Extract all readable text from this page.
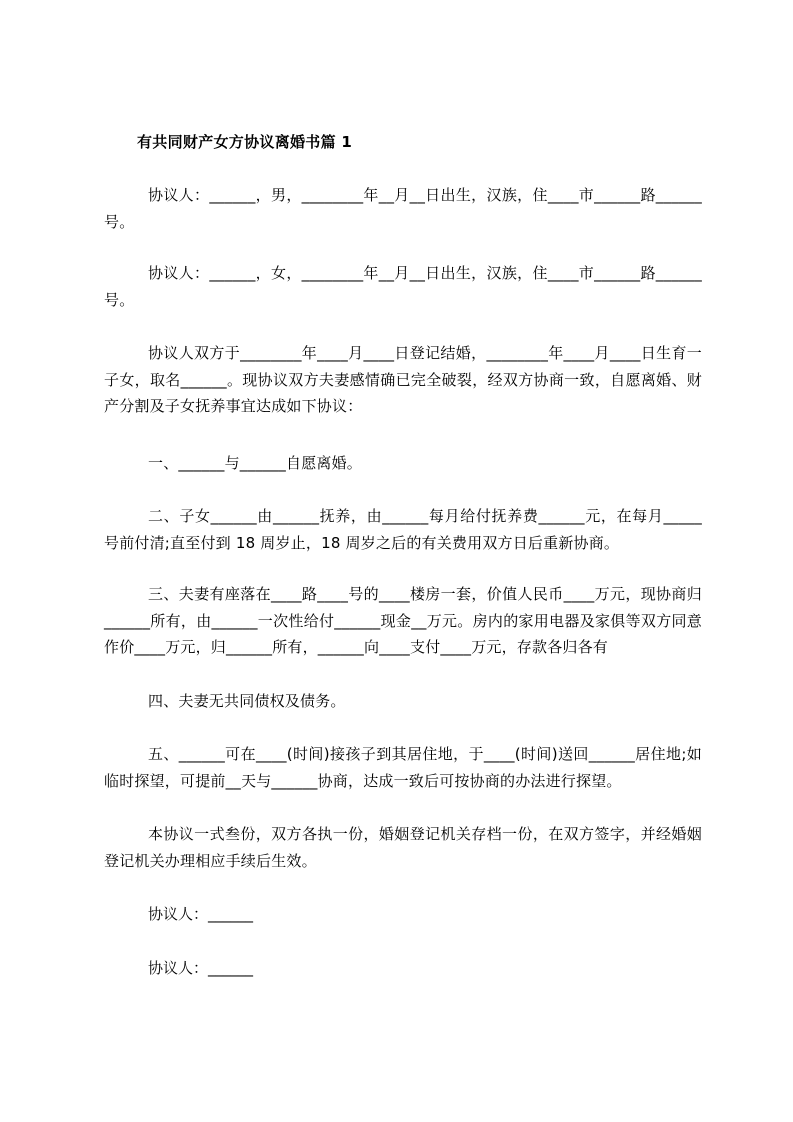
有共同财产女方协议离婚书篇 1

协议人：______，男，________年__月__日出生，汉族，住____市______路______号。

协议人：______，女，________年__月__日出生，汉族，住____市______路______号。

协议人双方于________年____月____日登记结婚，________年____月____日生育一子女，取名______。现协议双方夫妻感情确已完全破裂，经双方协商一致，自愿离婚、财产分割及子女抚养事宜达成如下协议：

一、______与______自愿离婚。

二、子女______由______抚养，由______每月给付抚养费______元，在每月_____号前付清;直至付到 18 周岁止，18 周岁之后的有关费用双方日后重新协商。

三、夫妻有座落在____路____号的____楼房一套，价值人民币____万元，现协商归______所有，由______一次性给付______现金__万元。房内的家用电器及家俱等双方同意作价____万元，归______所有，______向____支付____万元，存款各归各有

四、夫妻无共同债权及债务。

五、______可在____(时间)接孩子到其居住地，于____(时间)送回______居住地;如临时探望，可提前__天与______协商，达成一致后可按协商的办法进行探望。

本协议一式叁份，双方各执一份，婚姻登记机关存档一份，在双方签字，并经婚姻登记机关办理相应手续后生效。

协议人：______

协议人：______
